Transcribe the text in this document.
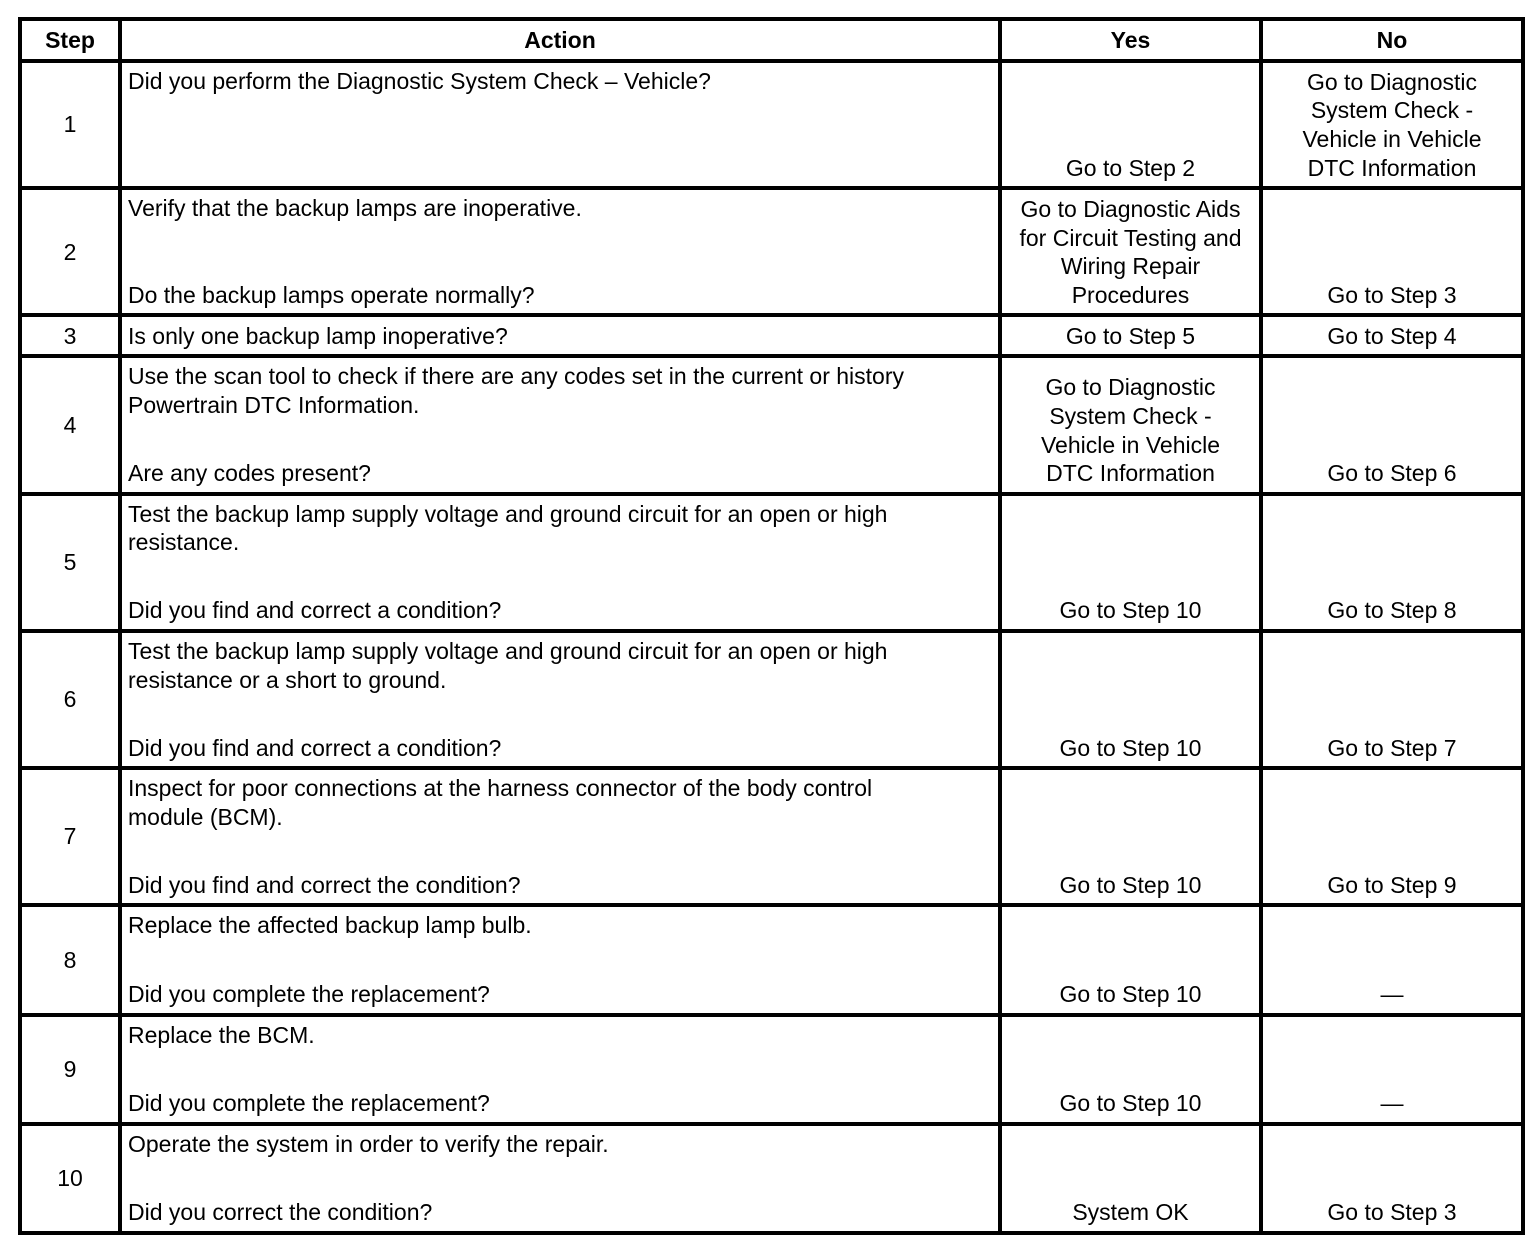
Step	Action	Yes	No
1	Did you perform the Diagnostic System Check – Vehicle?	Go to Step 2	Go to Diagnostic
System Check -
Vehicle in Vehicle
DTC Information

2	Verify that the backup lamps are inoperative.
Do the backup lamps operate normally?	Go to Diagnostic Aids
for Circuit Testing and
Wiring Repair
Procedures	Go to Step 3

3	Is only one backup lamp inoperative?	Go to Step 5	Go to Step 4

4	Use the scan tool to check if there are any codes set in the current or history
Powertrain DTC Information.
Are any codes present?	Go to Diagnostic
System Check -
Vehicle in Vehicle
DTC Information	Go to Step 6

5	Test the backup lamp supply voltage and ground circuit for an open or high
resistance.
Did you find and correct a condition?	Go to Step 10	Go to Step 8

6	Test the backup lamp supply voltage and ground circuit for an open or high
resistance or a short to ground.
Did you find and correct a condition?	Go to Step 10	Go to Step 7

7	Inspect for poor connections at the harness connector of the body control
module (BCM).
Did you find and correct the condition?	Go to Step 10	Go to Step 9

8	Replace the affected backup lamp bulb.
Did you complete the replacement?	Go to Step 10	—

9	Replace the BCM.
Did you complete the replacement?	Go to Step 10	—

10	Operate the system in order to verify the repair.
Did you correct the condition?	System OK	Go to Step 3
